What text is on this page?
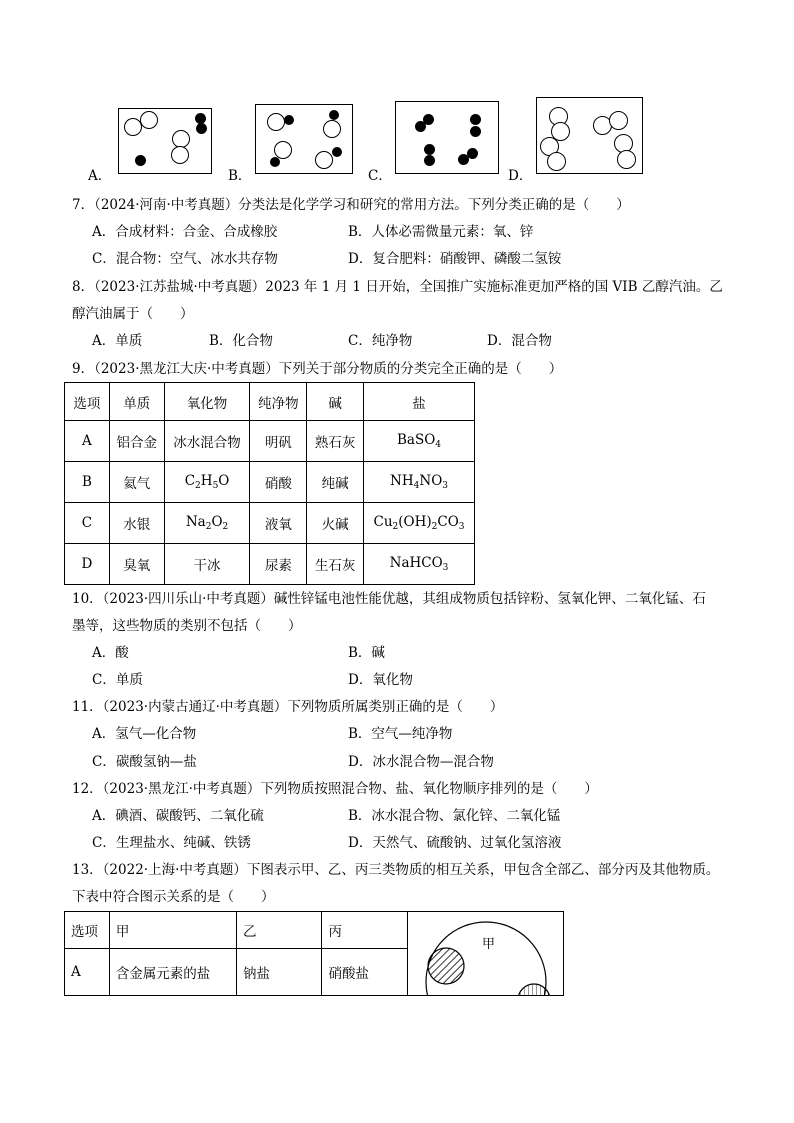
A．	B．	C．	D．
7．（2024·河南·中考真题）分类法是化学学习和研究的常用方法。下列分类正确的是（　　）
A．合成材料：合金、合成橡胶	B．人体必需微量元素：氧、锌
C．混合物：空气、冰水共存物	D．复合肥料：硝酸钾、磷酸二氢铵
8．（2023·江苏盐城·中考真题）2023 年 1 月 1 日开始，全国推广实施标准更加严格的国 VIB 乙醇汽油。乙
醇汽油属于（　　）
A．单质	B．化合物	C．纯净物	D．混合物
9．（2023·黑龙江大庆·中考真题）下列关于部分物质的分类完全正确的是（　　）
选项	单质	氧化物	纯净物	碱	盐
A	铝合金	冰水混合物	明矾	熟石灰	BaSO$_4$
B	氦气	$C_2H_5O$	硝酸	纯碱	$NH_4NO_3$
C	水银	$Na_2O_2$	液氧	火碱	$Cu_2(OH)_2CO_3$
D	臭氧	干冰	尿素	生石灰	NaHCO$_3$
10．（2023·四川乐山·中考真题）碱性锌锰电池性能优越，其组成物质包括锌粉、氢氧化钾、二氧化锰、石
墨等，这些物质的类别不包括（　　）
A．酸	B．碱
C．单质	D．氧化物
11．（2023·内蒙古通辽·中考真题）下列物质所属类别正确的是（　　）
A．氢气—化合物	B．空气—纯净物
C．碳酸氢钠—盐	D．冰水混合物—混合物
12．（2023·黑龙江·中考真题）下列物质按照混合物、盐、氧化物顺序排列的是（　　）
A．碘酒、碳酸钙、二氧化硫	B．冰水混合物、氯化锌、二氧化锰
C．生理盐水、纯碱、铁锈	D．天然气、硫酸钠、过氧化氢溶液
13．（2022·上海·中考真题）下图表示甲、乙、丙三类物质的相互关系，甲包含全部乙、部分丙及其他物质。
下表中符合图示关系的是（　　）
选项	甲	乙	丙	甲

A	含金属元素的盐	钠盐	硝酸盐	
